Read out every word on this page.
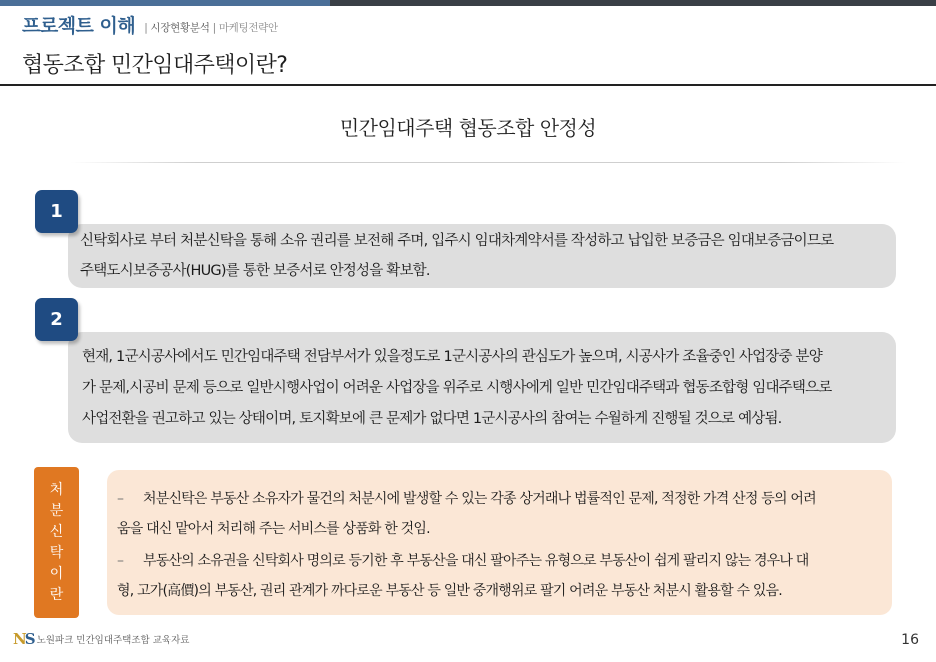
프로젝트 이해 | 시장현황분석 | 마케팅전략안
협동조합 민간임대주택이란?
민간임대주택 협동조합 안정성

신탁회사로 부터 처분신탁을 통해 소유 권리를 보전해 주며, 입주시 임대차계약서를 작성하고 납입한 보증금은 임대보증금이므로

주택도시보증공사(HUG)를 통한 보증서로 안정성을 확보함.

1

현재, 1군시공사에서도 민간임대주택 전담부서가 있을정도로 1군시공사의 관심도가 높으며, 시공사가 조율중인 사업장중 분양

가 문제,시공비 문제 등으로 일반시행사업이 어려운 사업장을 위주로 시행사에게 일반 민간임대주택과 협동조합형 임대주택으로

사업전환을 권고하고 있는 상태이며, 토지확보에 큰 문제가 없다면 1군시공사의 참여는 수월하게 진행될 것으로 예상됨.

2
처
분
신
탁
이
란
–	처분신탁은 부동산 소유자가 물건의 처분시에 발생할 수 있는 각종 상거래나 법률적인 문제, 적정한 가격 산정 등의 어려
움을 대신 맡아서 처리해 주는 서비스를 상품화 한 것임.
–	부동산의 소유권을 신탁회사 명의로 등기한 후 부동산을 대신 팔아주는 유형으로 부동산이 쉽게 팔리지 않는 경우나 대
형, 고가(高價)의 부동산, 권리 관계가 까다로운 부동산 등 일반 중개행위로 팔기 어려운 부동산 처분시 활용할 수 있음.
NS 노원파크 민간임대주택조합 교육자료	16
